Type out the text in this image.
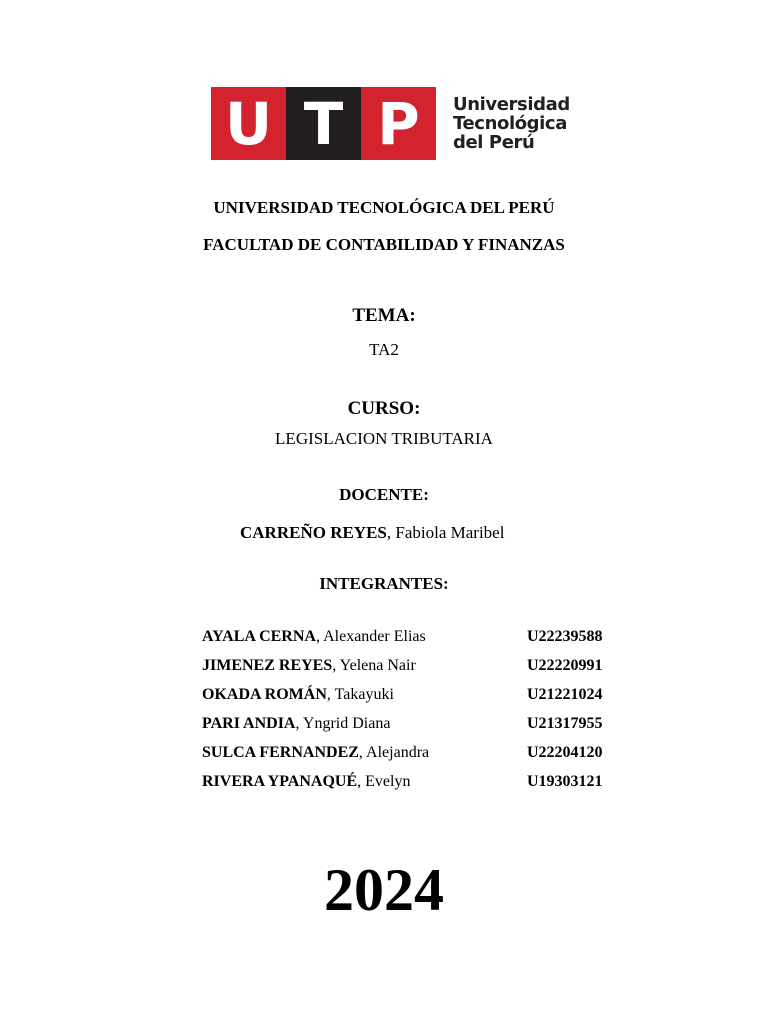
U T P	Universidad
Tecnológica
del Perú
UNIVERSIDAD TECNOLÓGICA DEL PERÚ
FACULTAD DE CONTABILIDAD Y FINANZAS
TEMA:
TA2
CURSO:
LEGISLACION TRIBUTARIA
DOCENTE:
CARREÑO REYES, Fabiola Maribel
INTEGRANTES:
AYALA CERNA, Alexander Elias	U22239588
JIMENEZ REYES, Yelena Nair	U22220991
OKADA ROMÁN, Takayuki	U21221024
PARI ANDIA, Yngrid Diana	U21317955
SULCA FERNANDEZ, Alejandra	U22204120
RIVERA YPANAQUÉ, Evelyn	U19303121
2024
